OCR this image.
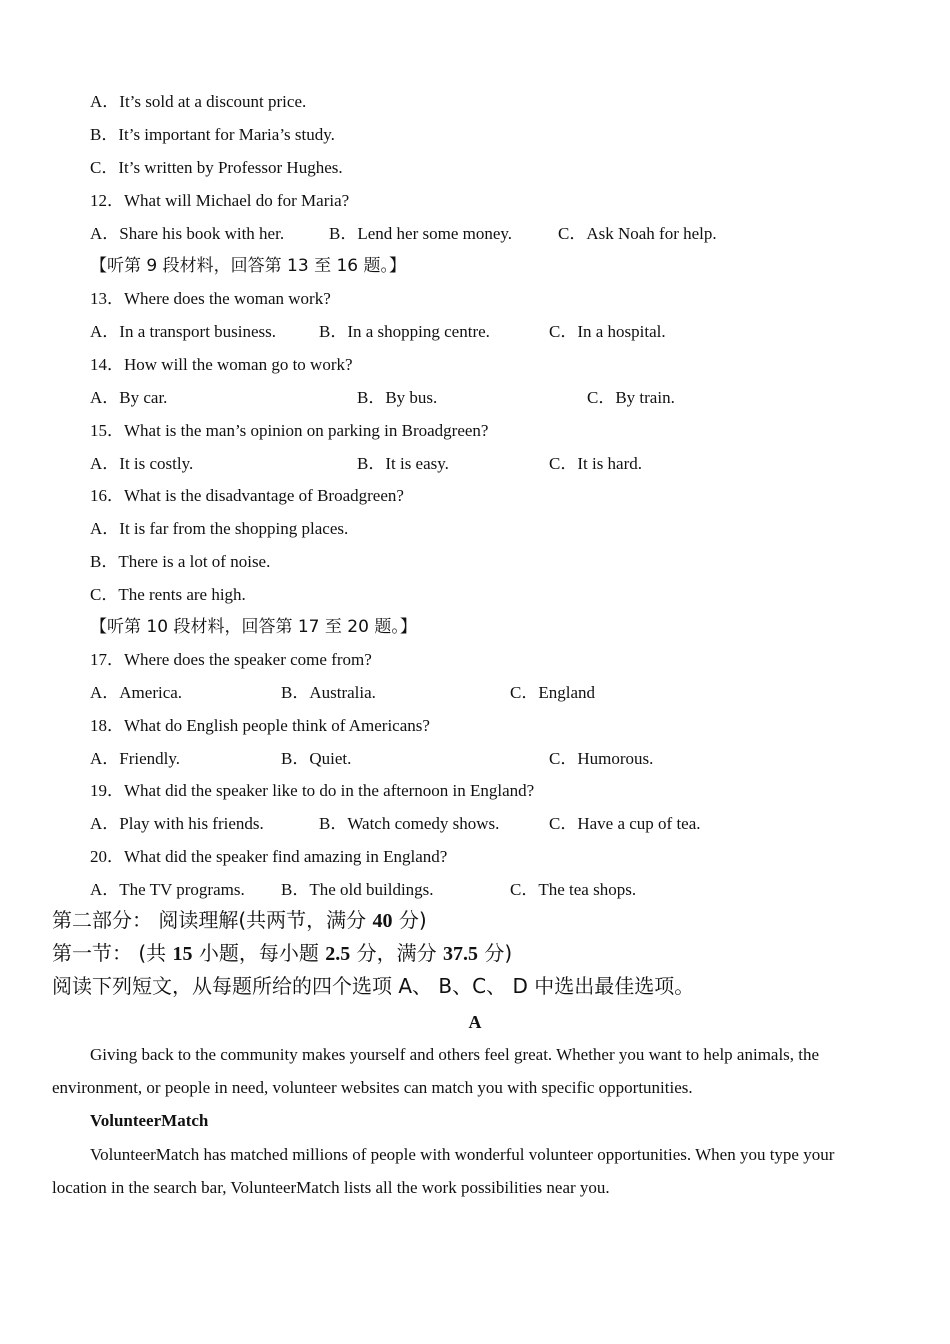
A．It’s sold at a discount price.
B．It’s important for Maria’s study.
C．It’s written by Professor Hughes.
12．What will Michael do for Maria?

A．Share his book with her.

	B．Lend her some money.

	C．Ask Noah for help.

【听第 9 段材料，回答第 13 至 16 题。】
13．Where does the woman work?

A．In a transport business.

	B．In a shopping centre.

	C．In a hospital.

14．How will the woman go to work?

A．By car.

	B．By bus.

	C．By train.

15．What is the man’s opinion on parking in Broadgreen?

A．It is costly.

	B．It is easy.

	C．It is hard.

16．What is the disadvantage of Broadgreen?
A．It is far from the shopping places.
B．There is a lot of noise.
C．The rents are high.
【听第 10 段材料，回答第 17 至 20 题。】
17．Where does the speaker come from?

A．America.

	B．Australia.

	C．England

18．What do English people think of Americans?

A．Friendly.

	B．Quiet.

	C．Humorous.

19．What did the speaker like to do in the afternoon in England?

A．Play with his friends.

	B．Watch comedy shows.

	C．Have a cup of tea.

20．What did the speaker find amazing in England?

A．The TV programs.

B．The old buildings.

	C．The tea shops.

第二部分： 阅读理解(共两节，满分 40 分)
第一节： (共 15 小题，每小题 2.5 分，满分 37.5 分)
阅读下列短文，从每题所给的四个选项 A、 B、C、 D 中选出最佳选项。
A
Giving back to the community makes yourself and others feel great. Whether you want to help animals, the environment, or people in need, volunteer websites can match you with specific opportunities.
VolunteerMatch
VolunteerMatch has matched millions of people with wonderful volunteer opportunities. When you type your location in the search bar, VolunteerMatch lists all the work possibilities near you.
